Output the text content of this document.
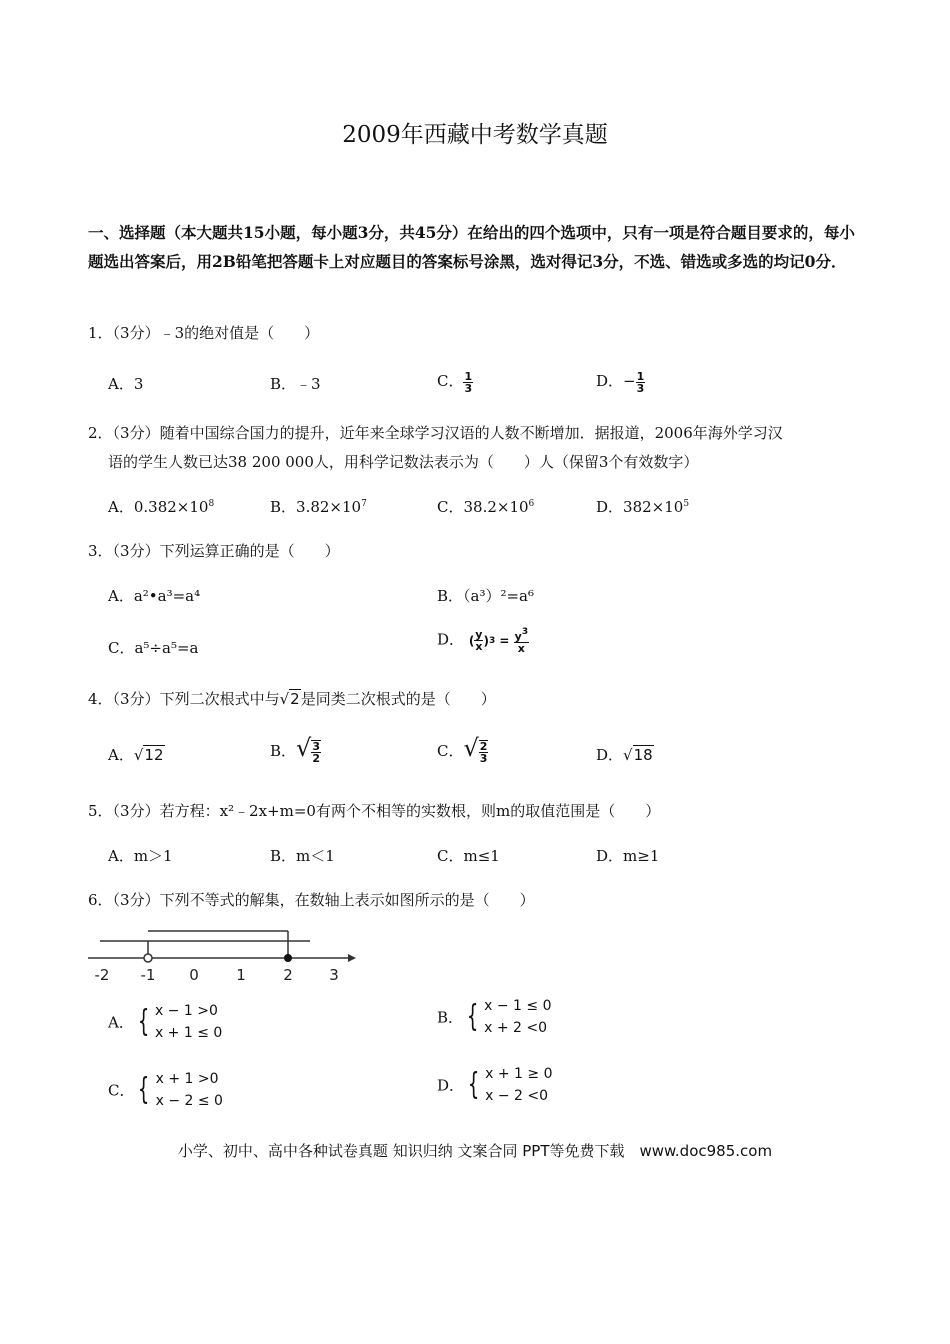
2009年西藏中考数学真题
一、选择题（本大题共15小题，每小题3分，共45分）在给出的四个选项中，只有一项是符合题目要求的，每小题选出答案后，用2B铅笔把答题卡上对应题目的答案标号涂黑，选对得记3分，不选、错选或多选的均记0分．
1．（3分）﹣3的绝对值是（　　）
A．3	B．﹣3	C． $\frac{1}{3}$	D．− $\frac{1}{3}$
2．（3分）随着中国综合国力的提升，近年来全球学习汉语的人数不断增加．据报道，2006年海外学习汉
语的学生人数已达38 200 000人，用科学记数法表示为（　　）人（保留3个有效数字）
A．$0.382\times 10^8$	B．$3.82\times 10^7$	C．$38.2\times 10^6$	D．$382\times 10^5$
3．（3分）下列运算正确的是（　　）
A．a²•a³=a⁴	B．（a³）²=a⁶
C．a⁵÷a⁵=a	D． ( $\frac{y}{x}$ ) $3 = \frac{y^3}{x}$
4．（3分）下列二次根式中与√2是同类二次根式的是（　　）
A．√12	B．√ $\frac{3}{2}$	C．√ $\frac{2}{3}$	D．√18
5．（3分）若方程：x²﹣2x+m=0有两个不相等的实数根，则m的取值范围是（　　）
A．m＞1	B．m＜1	C．m≤1	D．m≥1
6．（3分）下列不等式的解集，在数轴上表示如图所示的是（　　）
-2 -1 0 1 2 3
A． { x − 1 >0
x + 1 ≤ 0
B． { x − 1 ≤ 0
x + 2 <0
C． { x + 1 >0
x − 2 ≤ 0
D． { x + 1 ≥ 0
x − 2 <0
小学、初中、高中各种试卷真题 知识归纳 文案合同 PPT等免费下载　www.doc985.com
